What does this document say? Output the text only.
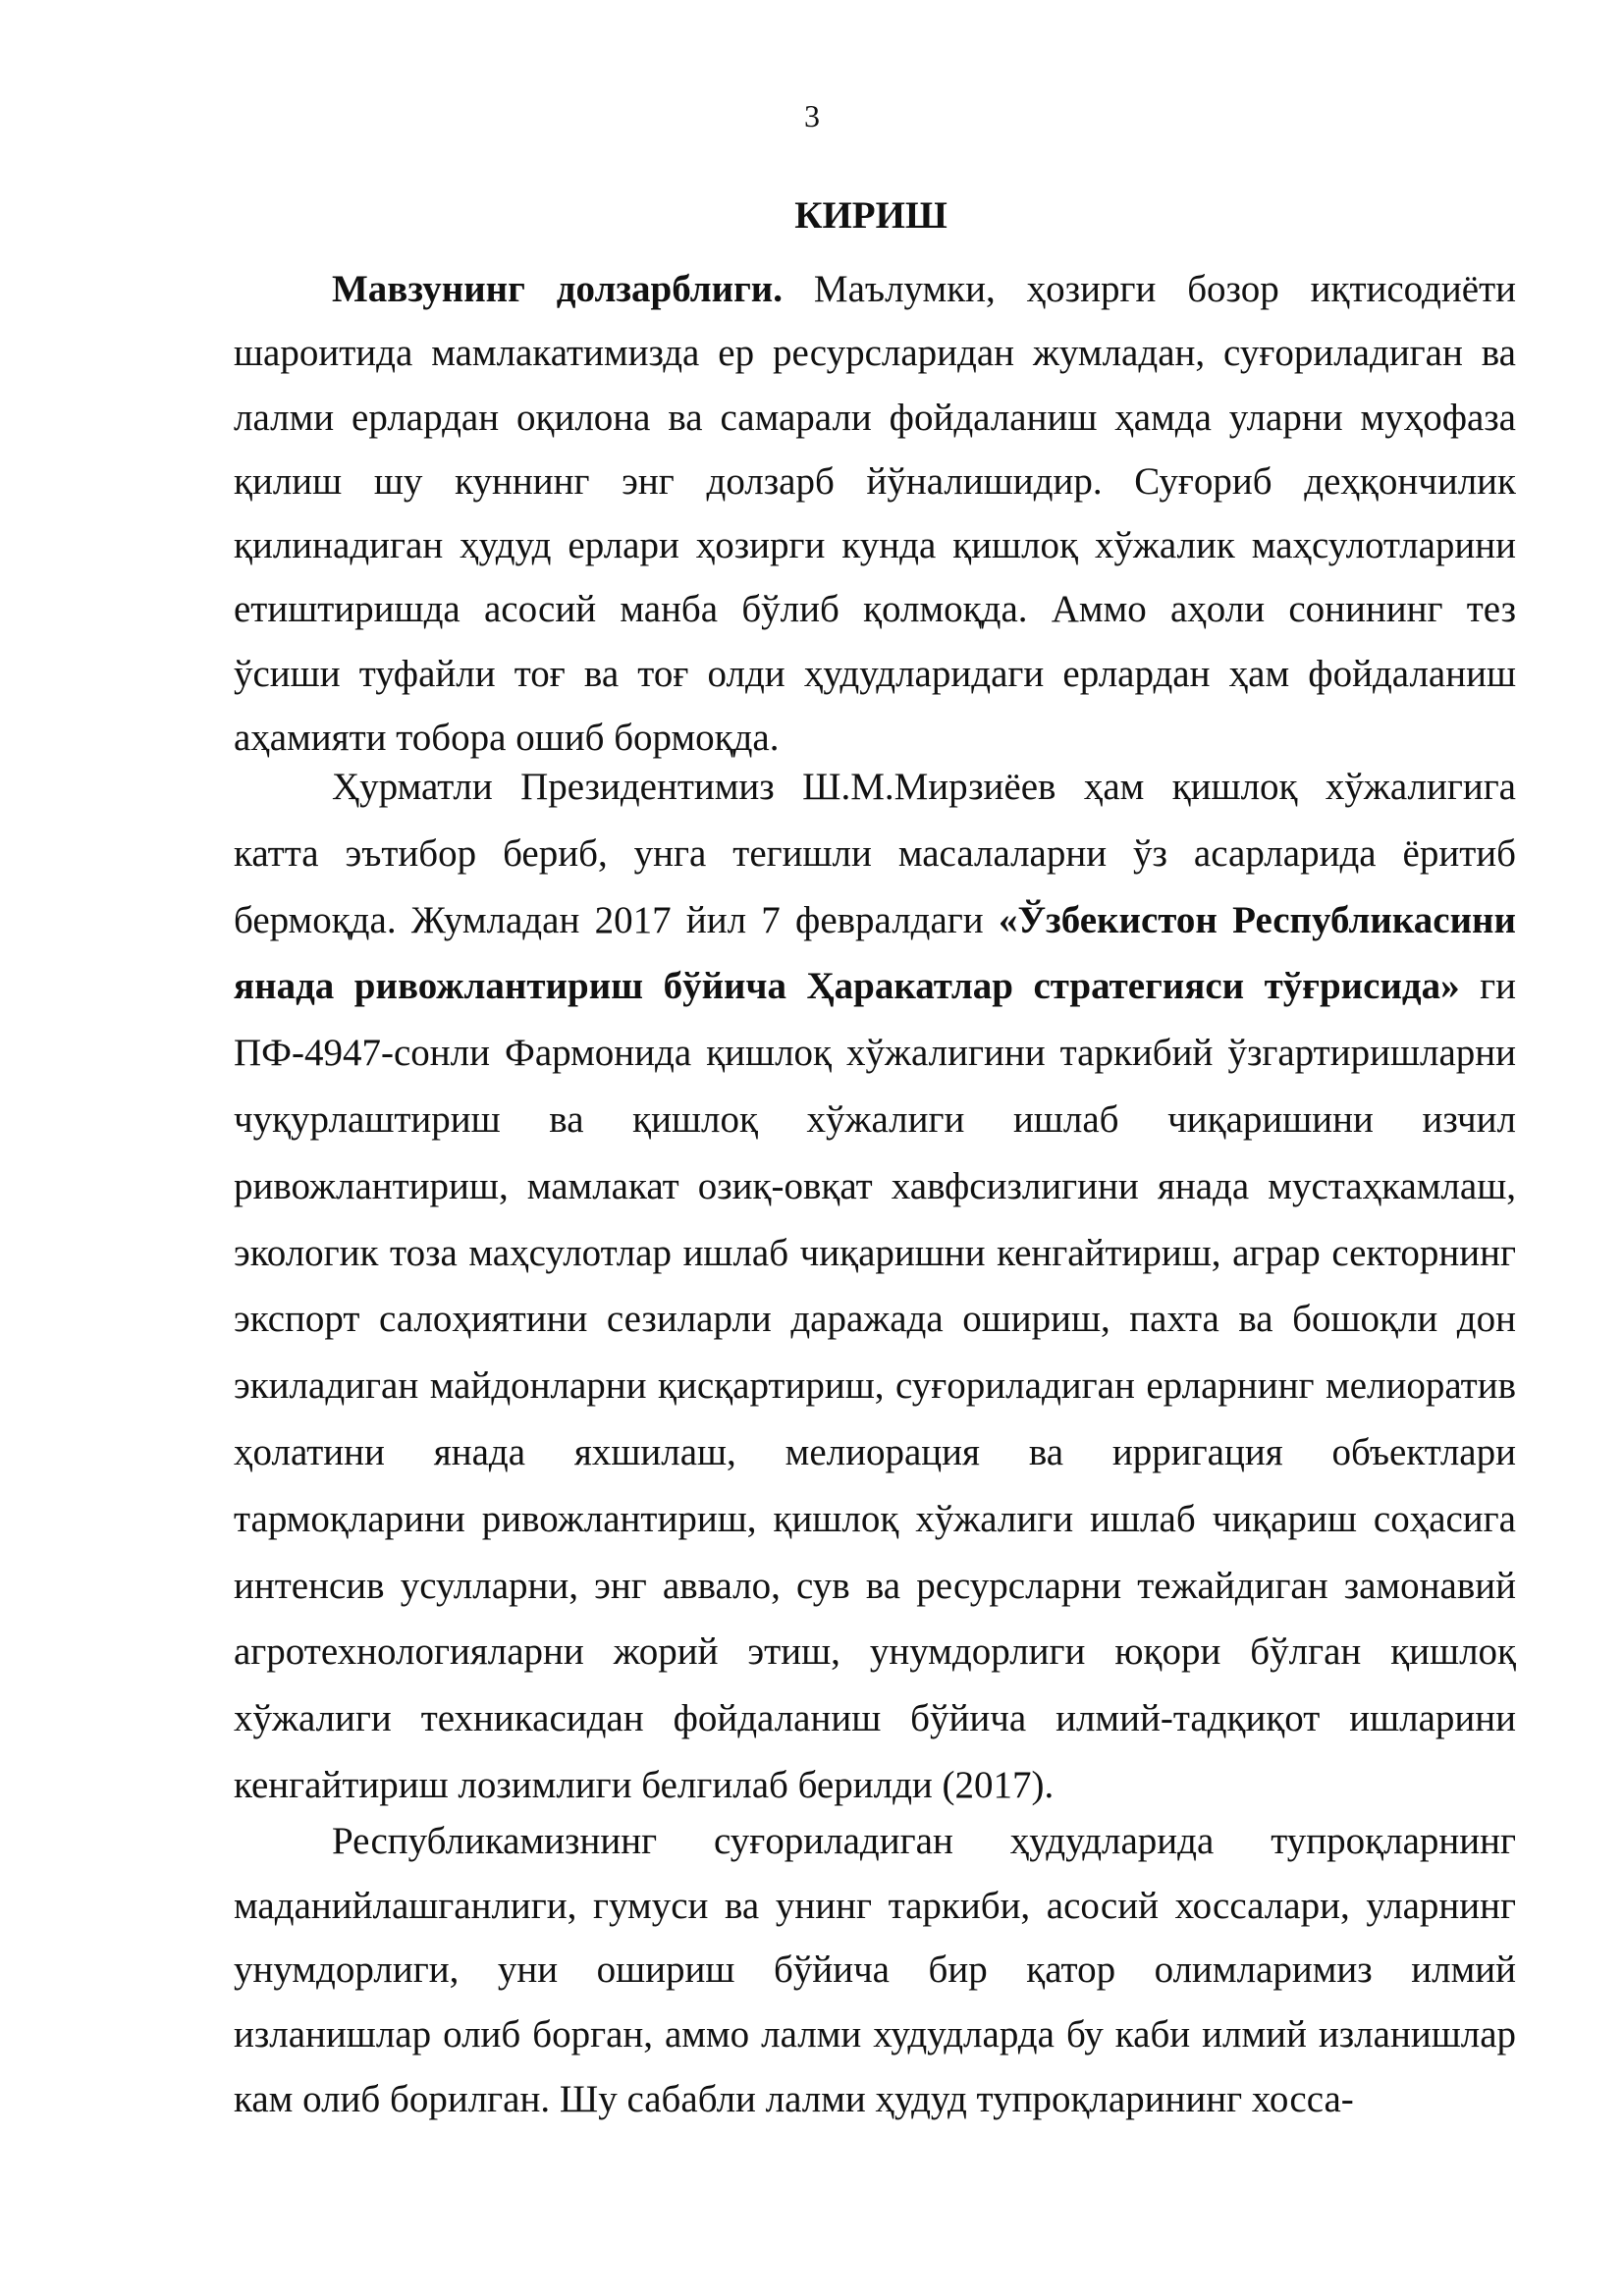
3
КИРИШ

Мавзунинг долзарблиги. Маълумки, ҳозирги бозор иқтисодиёти шароитида мамлакатимизда ер ресурсларидан жумладан, суғориладиган ва лалми ерлардан оқилона ва самарали фойдаланиш ҳамда уларни муҳофаза қилиш шу куннинг энг долзарб йўналишидир. Суғориб деҳқончилик қилинадиган ҳудуд ерлари ҳозирги кунда қишлоқ хўжалик маҳсулотларини етиштиришда асосий манба бўлиб қолмоқда. Аммо аҳоли сонининг тез ўсиши туфайли тоғ ва тоғ олди ҳудудларидаги ерлардан ҳам фойдаланиш аҳамияти тобора ошиб бормоқда.

Ҳурматли Президентимиз Ш.М.Мирзиёев ҳам қишлоқ хўжалигига катта эътибор бериб, унга тегишли масалаларни ўз асарларида ёритиб бермоқда. Жумладан 2017 йил 7 февралдаги «Ўзбекистон Республикасини янада ривожлантириш бўйича Ҳаракатлар стратегияси тўғрисида» ги ПФ-4947-сонли Фармонида қишлоқ хўжалигини таркибий ўзгартиришларни чуқурлаштириш ва қишлоқ хўжалиги ишлаб чиқаришини изчил ривожлантириш, мамлакат озиқ-овқат хавфсизлигини янада мустаҳкамлаш, экологик тоза маҳсулотлар ишлаб чиқаришни кенгайтириш, аграр секторнинг экспорт салоҳиятини сезиларли даражада ошириш, пахта ва бошоқли дон экиладиган майдонларни қисқартириш, суғориладиган ерларнинг мелиоратив ҳолатини янада яхшилаш, мелиорация ва ирригация объектлари тармоқларини ривожлантириш, қишлоқ хўжалиги ишлаб чиқариш соҳасига интенсив усулларни, энг аввало, сув ва ресурсларни тежайдиган замонавий агротехнологияларни жорий этиш, унумдорлиги юқори бўлган қишлоқ хўжалиги техникасидан фойдаланиш бўйича илмий-тадқиқот ишларини кенгайтириш лозимлиги белгилаб берилди (2017).

Республикамизнинг суғориладиган ҳудудларида тупроқларнинг маданийлашганлиги, гумуси ва унинг таркиби, асосий хоссалари, уларнинг унумдорлиги, уни ошириш бўйича бир қатор олимларимиз илмий изланишлар олиб борган, аммо лалми худудларда бу каби илмий изланишлар кам олиб борилган. Шу сабабли лалми ҳудуд тупроқларининг хосса-
